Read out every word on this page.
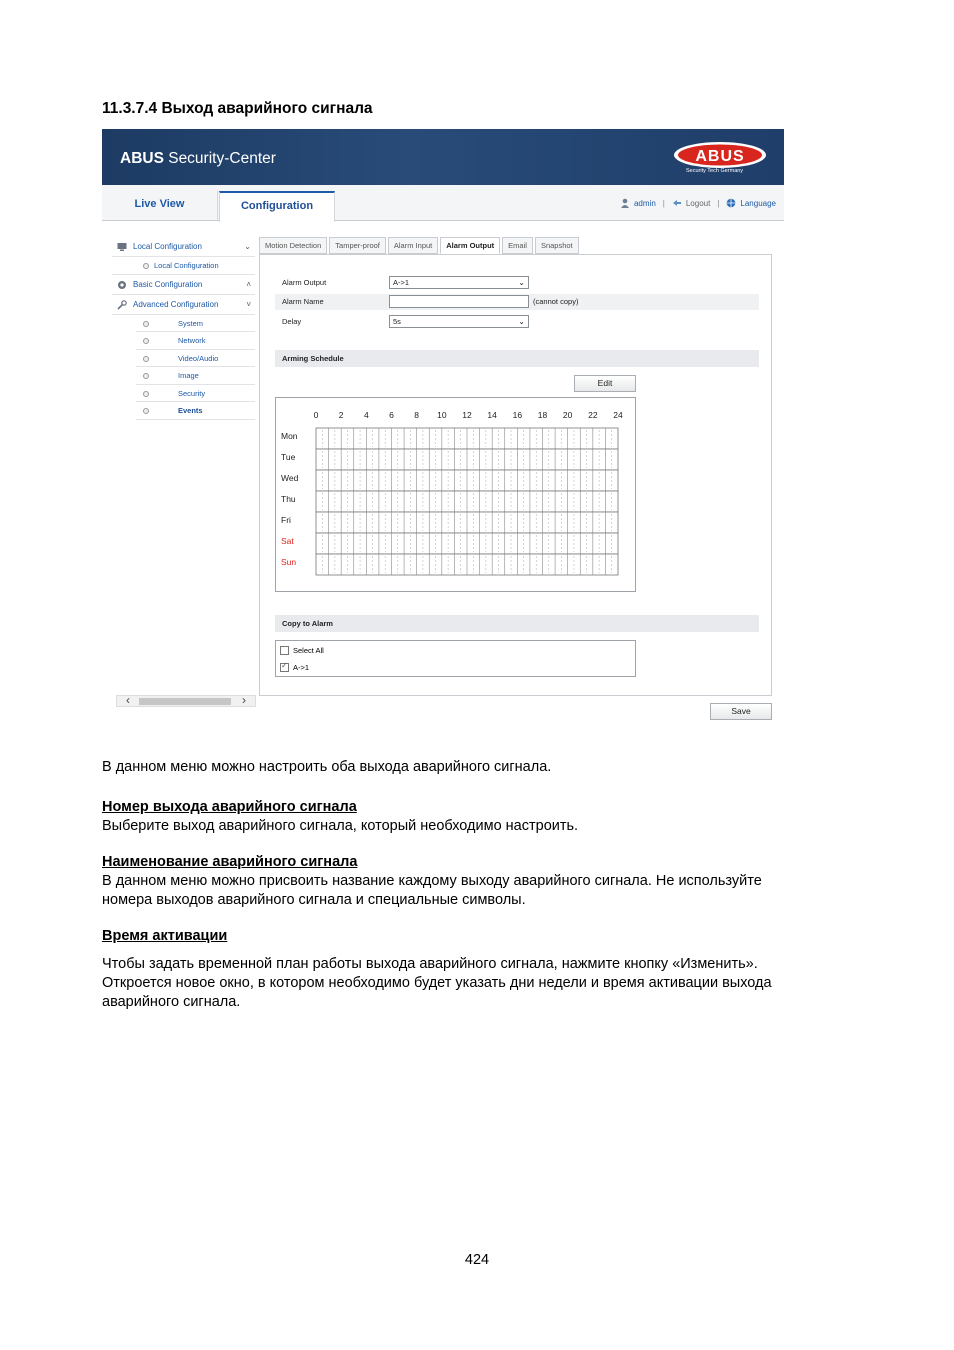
11.3.7.4 Выход аварийного сигнала
ABUS Security-Center	ABUS
Security Tech Germany
Live View	Configuration	admin |	Logout |	Language
Local Configuration	⌄
Local Configuration
Basic Configuration	˄
Advanced Configuration	˅
System
Network
Video/Audio
Image
Security
Events
‹	›
Motion Detection	Tamper-proof	Alarm Input	Alarm Output	Email	Snapshot
Alarm Output	A->1	⌄
Alarm Name	(cannot copy)
Delay	5s	⌄
Arming Schedule
Edit
0 2 4 6 8 10 12 14 16 18 20 22 24
Mon
Tue
Wed
Thu
Fri
Sat
Sun
Copy to Alarm
Select All
✓
A->1
Save
В данном меню можно настроить оба выхода аварийного сигнала.
Номер выхода аварийного сигнала
Выберите выход аварийного сигнала, который необходимо настроить.
Наименование аварийного сигнала
В данном меню можно присвоить название каждому выходу аварийного сигнала. Не используйте
номера выходов аварийного сигнала и специальные символы.
Время активации
Чтобы задать временной план работы выхода аварийного сигнала, нажмите кнопку «Изменить».
Откроется новое окно, в котором необходимо будет указать дни недели и время активации выхода
аварийного сигнала.
424
